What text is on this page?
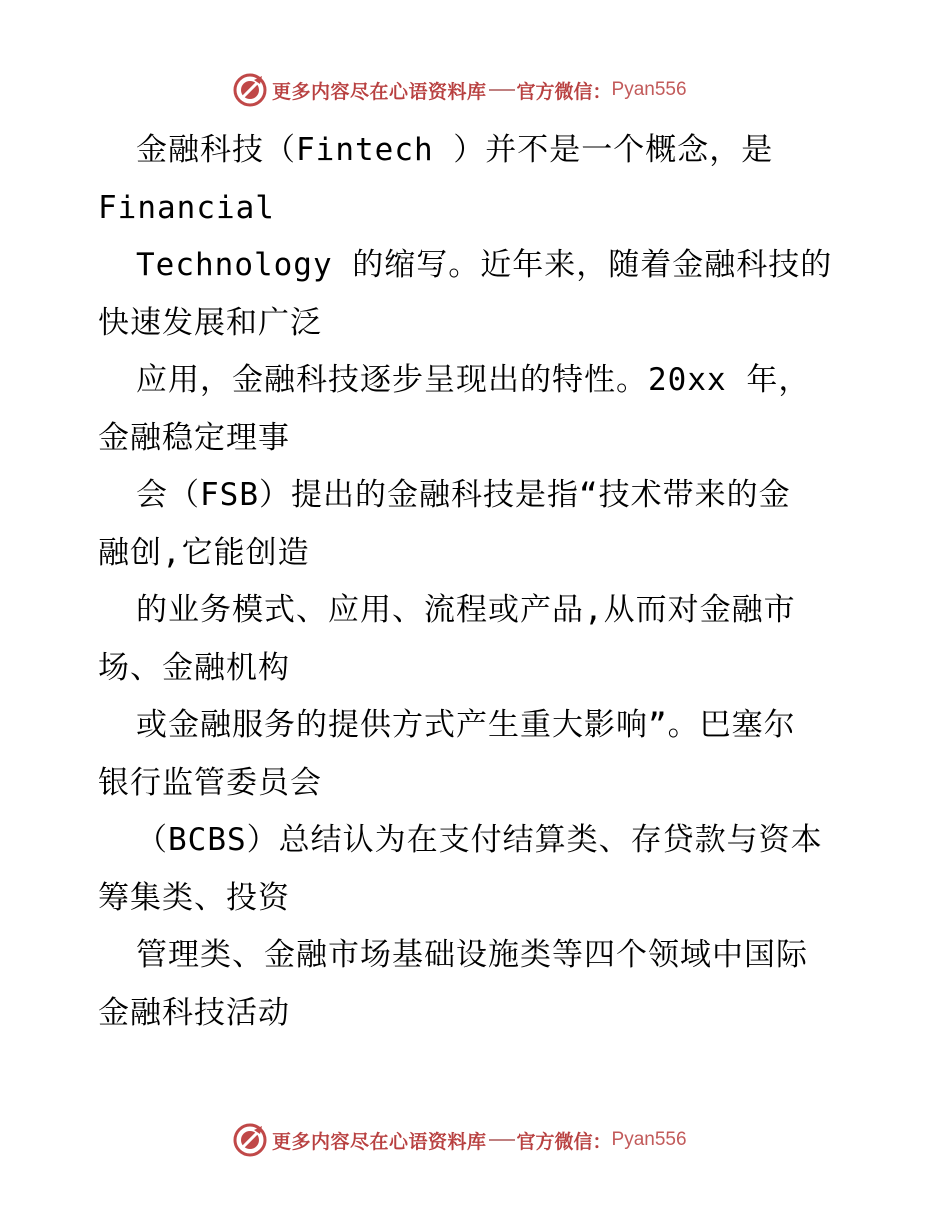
更多内容尽在心语资料库 官方微信： Pyan556
金融科技（Fintech ）并不是一个概念，是
Financial
Technology 的缩写。近年来，随着金融科技的
快速发展和广泛
应用，金融科技逐步呈现出的特性。20xx 年，
金融稳定理事
会（FSB）提出的金融科技是指“技术带来的金
融创,它能创造
的业务模式、应用、流程或产品,从而对金融市
场、金融机构
或金融服务的提供方式产生重大影响”。巴塞尔
银行监管委员会
（BCBS）总结认为在支付结算类、存贷款与资本
筹集类、投资
管理类、金融市场基础设施类等四个领域中国际
金融科技活动
更多内容尽在心语资料库 官方微信： Pyan556
